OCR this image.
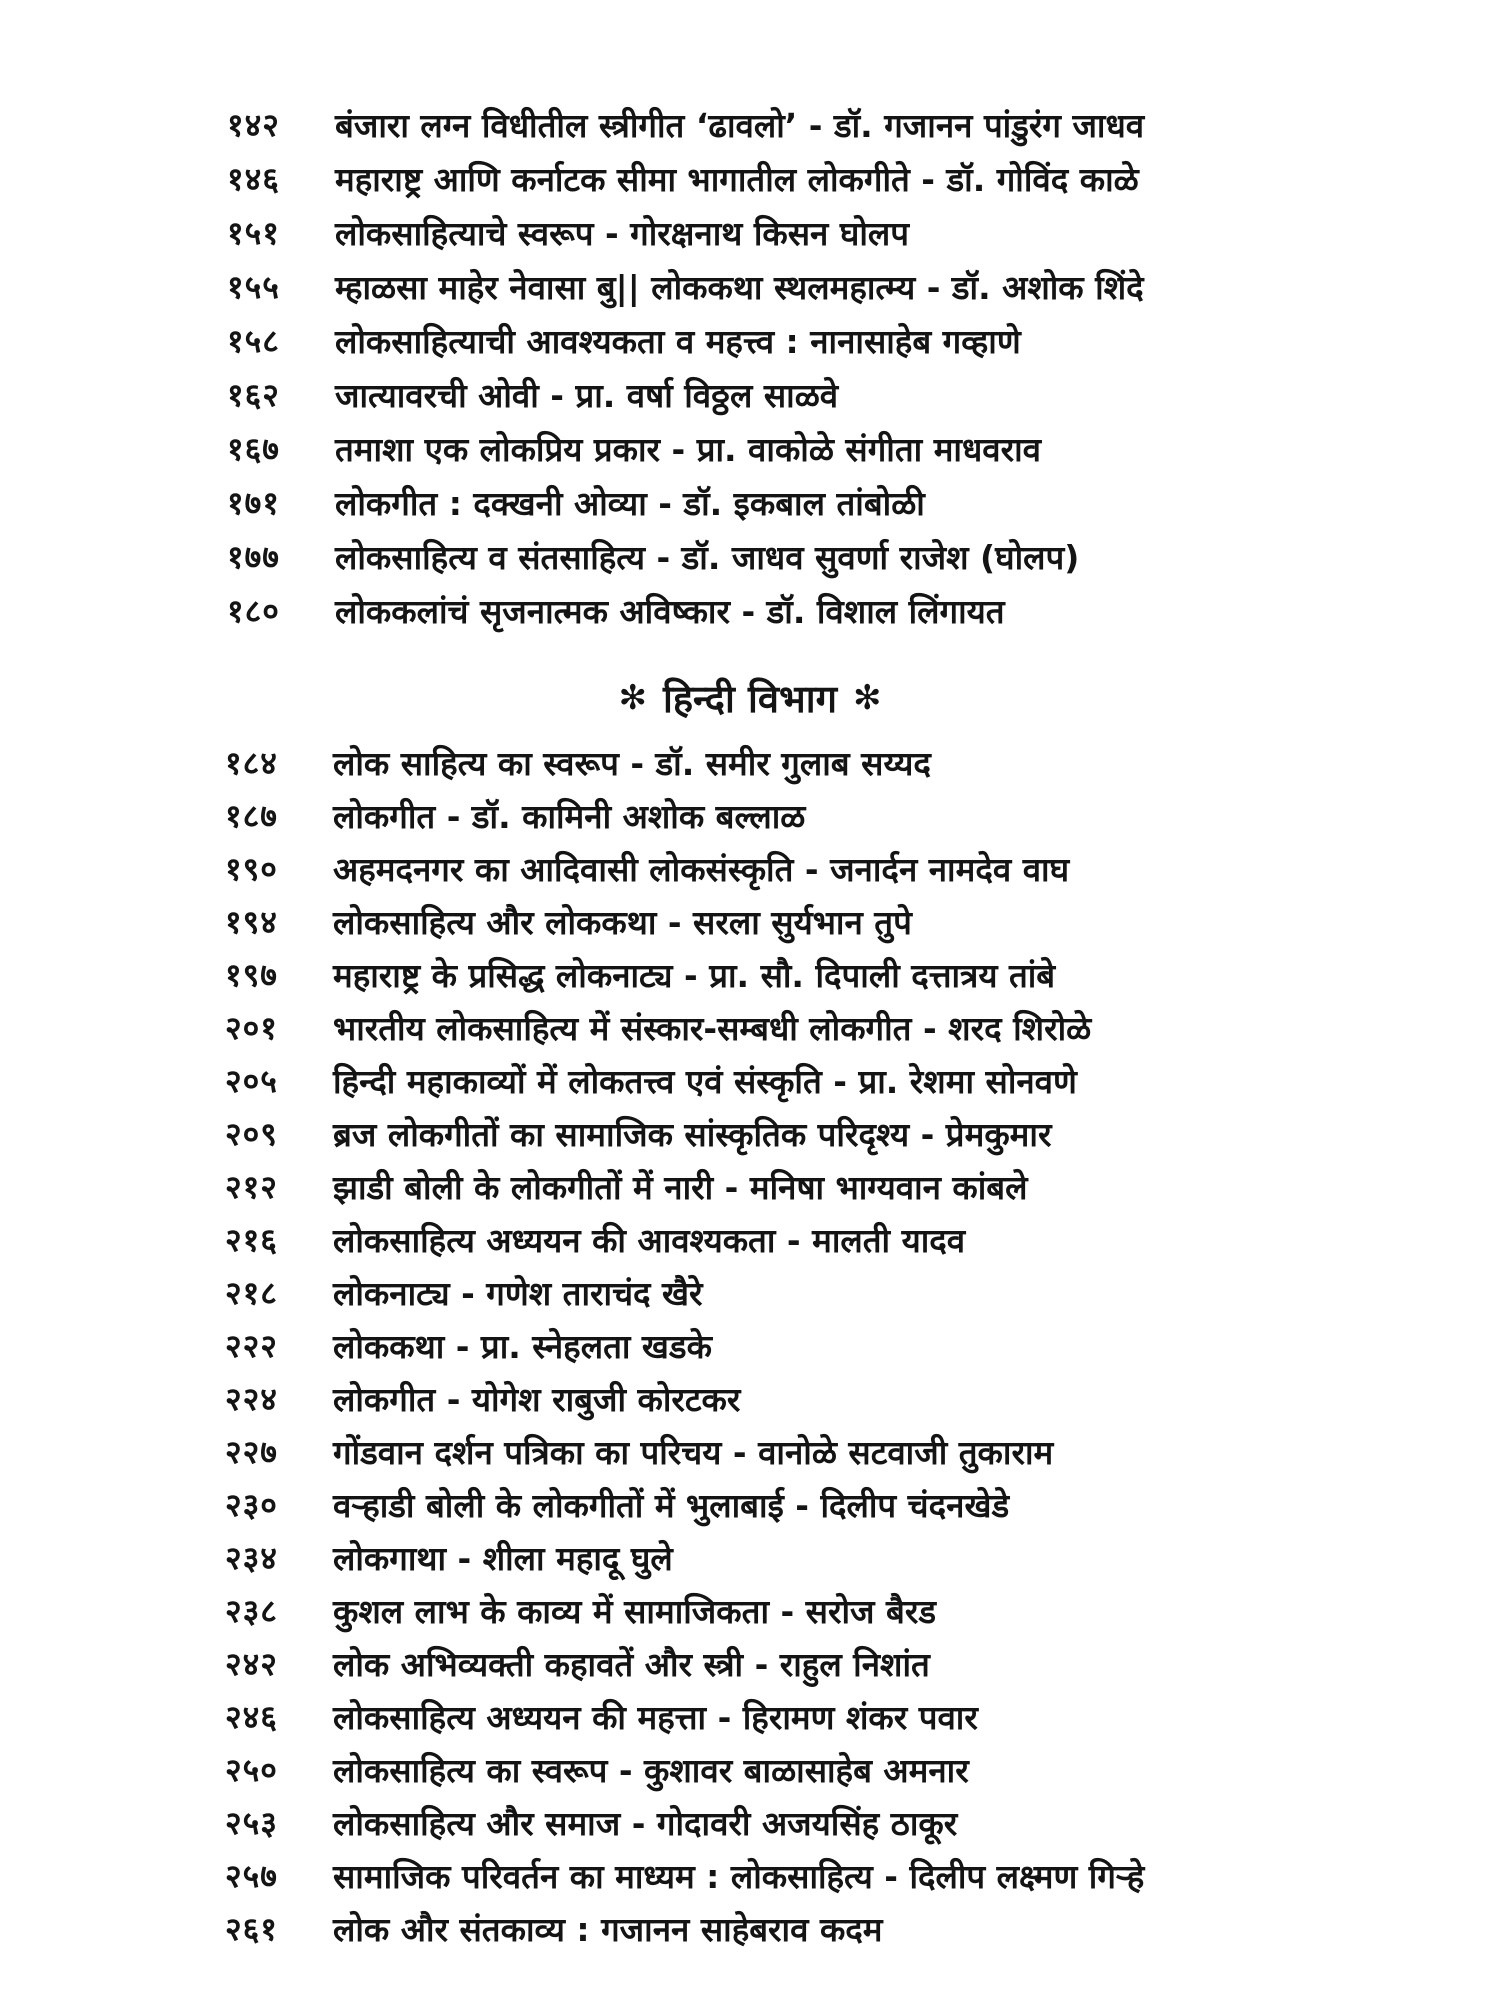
१४२	बंजारा लग्न विधीतील स्त्रीगीत ‘ढावलो’ - डॉ. गजानन पांडुरंग जाधव
१४६	महाराष्ट्र आणि कर्नाटक सीमा भागातील लोकगीते - डॉ. गोविंद काळे
१५१	लोकसाहित्याचे स्वरूप - गोरक्षनाथ किसन घोलप
१५५	म्हाळसा माहेर नेवासा बु|| लोककथा स्थलमहात्म्य - डॉ. अशोक शिंदे
१५८	लोकसाहित्याची आवश्यकता व महत्त्व : नानासाहेब गव्हाणे
१६२	जात्यावरची ओवी - प्रा. वर्षा विठ्ठल साळवे
१६७	तमाशा एक लोकप्रिय प्रकार - प्रा. वाकोळे संगीता माधवराव
१७१	लोकगीत : दक्खनी ओव्या - डॉ. इकबाल तांबोळी
१७७	लोकसाहित्य व संतसाहित्य - डॉ. जाधव सुवर्णा राजेश (घोलप)
१८०	लोककलांचं सृजनात्मक अविष्कार - डॉ. विशाल लिंगायत
✻ हिन्दी विभाग ✻
१८४	लोक साहित्य का स्वरूप - डॉ. समीर गुलाब सय्यद
१८७	लोकगीत - डॉ. कामिनी अशोक बल्लाळ
१९०	अहमदनगर का आदिवासी लोकसंस्कृति - जनार्दन नामदेव वाघ
१९४	लोकसाहित्य और लोककथा - सरला सुर्यभान तुपे
१९७	महाराष्ट्र के प्रसिद्ध लोकनाट्य - प्रा. सौ. दिपाली दत्तात्रय तांबे
२०१	भारतीय लोकसाहित्य में संस्कार-सम्बधी लोकगीत - शरद शिरोळे
२०५	हिन्दी महाकाव्यों में लोकतत्त्व एवं संस्कृति - प्रा. रेशमा सोनवणे
२०९	ब्रज लोकगीतों का सामाजिक सांस्कृतिक परिदृश्य - प्रेमकुमार
२१२	झाडी बोली के लोकगीतों में नारी - मनिषा भाग्यवान कांबले
२१६	लोकसाहित्य अध्ययन की आवश्यकता - मालती यादव
२१८	लोकनाट्य - गणेश ताराचंद खैरे
२२२	लोककथा - प्रा. स्नेहलता खडके
२२४	लोकगीत - योगेश राबुजी कोरटकर
२२७	गोंडवान दर्शन पत्रिका का परिचय - वानोळे सटवाजी तुकाराम
२३०	वऱ्हाडी बोली के लोकगीतों में भुलाबाई - दिलीप चंदनखेडे
२३४	लोकगाथा - शीला महादू घुले
२३८	कुशल लाभ के काव्य में सामाजिकता - सरोज बैरड
२४२	लोक अभिव्यक्ती कहावतें और स्त्री - राहुल निशांत
२४६	लोकसाहित्य अध्ययन की महत्ता - हिरामण शंकर पवार
२५०	लोकसाहित्य का स्वरूप - कुशावर बाळासाहेब अमनार
२५३	लोकसाहित्य और समाज - गोदावरी अजयसिंह ठाकूर
२५७	सामाजिक परिवर्तन का माध्यम : लोकसाहित्य - दिलीप लक्ष्मण गिऱ्हे
२६१	लोक और संतकाव्य : गजानन साहेबराव कदम
